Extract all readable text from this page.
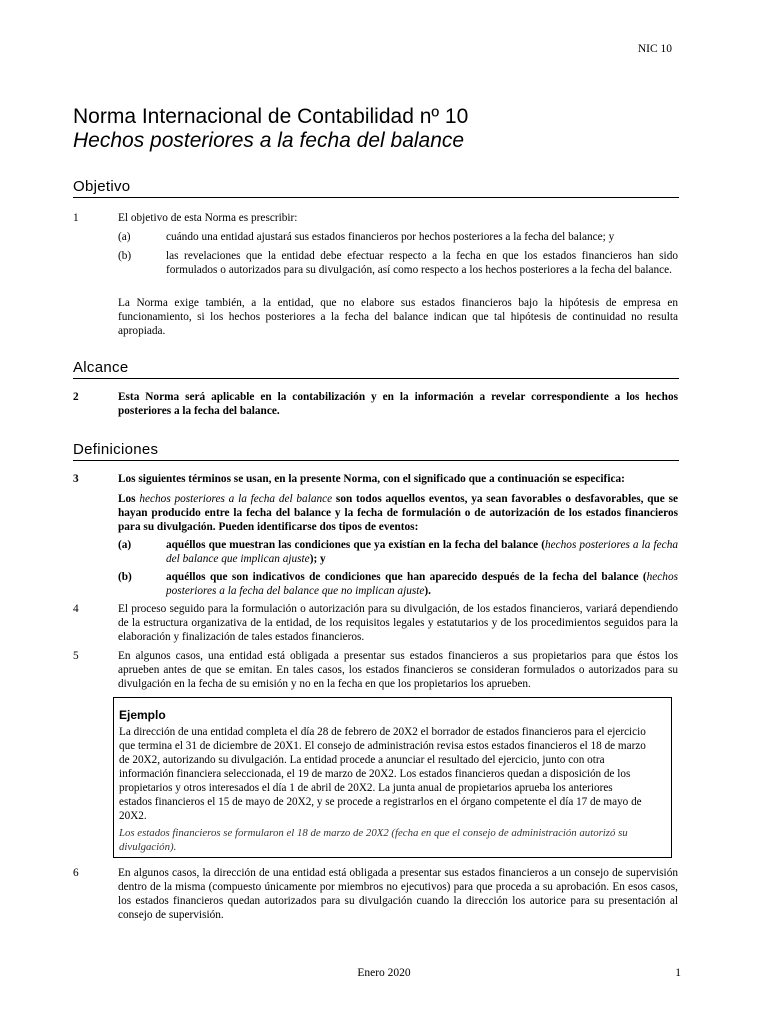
NIC 10
Norma Internacional de Contabilidad nº 10
Hechos posteriores a la fecha del balance
Objetivo
1	El objetivo de esta Norma es prescribir:
(a)	cuándo una entidad ajustará sus estados financieros por hechos posteriores a la fecha del balance; y
(b)	las revelaciones que la entidad debe efectuar respecto a la fecha en que los estados financieros han sido formulados o autorizados para su divulgación, así como respecto a los hechos posteriores a la fecha del balance.
La Norma exige también, a la entidad, que no elabore sus estados financieros bajo la hipótesis de empresa en funcionamiento, si los hechos posteriores a la fecha del balance indican que tal hipótesis de continuidad no resulta apropiada.
Alcance
2	Esta Norma será aplicable en la contabilización y en la información a revelar correspondiente a los hechos posteriores a la fecha del balance.
Definiciones
3	Los siguientes términos se usan, en la presente Norma, con el significado que a continuación se especifica:
Los hechos posteriores a la fecha del balance son todos aquellos eventos, ya sean favorables o desfavorables, que se hayan producido entre la fecha del balance y la fecha de formulación o de autorización de los estados financieros para su divulgación. Pueden identificarse dos tipos de eventos:
(a)	aquéllos que muestran las condiciones que ya existían en la fecha del balance (hechos posteriores a la fecha del balance que implican ajuste); y
(b)	aquéllos que son indicativos de condiciones que han aparecido después de la fecha del balance (hechos posteriores a la fecha del balance que no implican ajuste).
4	El proceso seguido para la formulación o autorización para su divulgación, de los estados financieros, variará dependiendo de la estructura organizativa de la entidad, de los requisitos legales y estatutarios y de los procedimientos seguidos para la elaboración y finalización de tales estados financieros.
5	En algunos casos, una entidad está obligada a presentar sus estados financieros a sus propietarios para que éstos los aprueben antes de que se emitan. En tales casos, los estados financieros se consideran formulados o autorizados para su divulgación en la fecha de su emisión y no en la fecha en que los propietarios los aprueben.
Ejemplo
La dirección de una entidad completa el día 28 de febrero de 20X2 el borrador de estados financieros para el ejercicio que termina el 31 de diciembre de 20X1. El consejo de administración revisa estos estados financieros el 18 de marzo de 20X2, autorizando su divulgación. La entidad procede a anunciar el resultado del ejercicio, junto con otra información financiera seleccionada, el 19 de marzo de 20X2. Los estados financieros quedan a disposición de los propietarios y otros interesados el día 1 de abril de 20X2. La junta anual de propietarios aprueba los anteriores estados financieros el 15 de mayo de 20X2, y se procede a registrarlos en el órgano competente el día 17 de mayo de 20X2.
Los estados financieros se formularon el 18 de marzo de 20X2 (fecha en que el consejo de administración autorizó su divulgación).
6	En algunos casos, la dirección de una entidad está obligada a presentar sus estados financieros a un consejo de supervisión dentro de la misma (compuesto únicamente por miembros no ejecutivos) para que proceda a su aprobación. En esos casos, los estados financieros quedan autorizados para su divulgación cuando la dirección los autorice para su presentación al consejo de supervisión.
Enero 2020	1
